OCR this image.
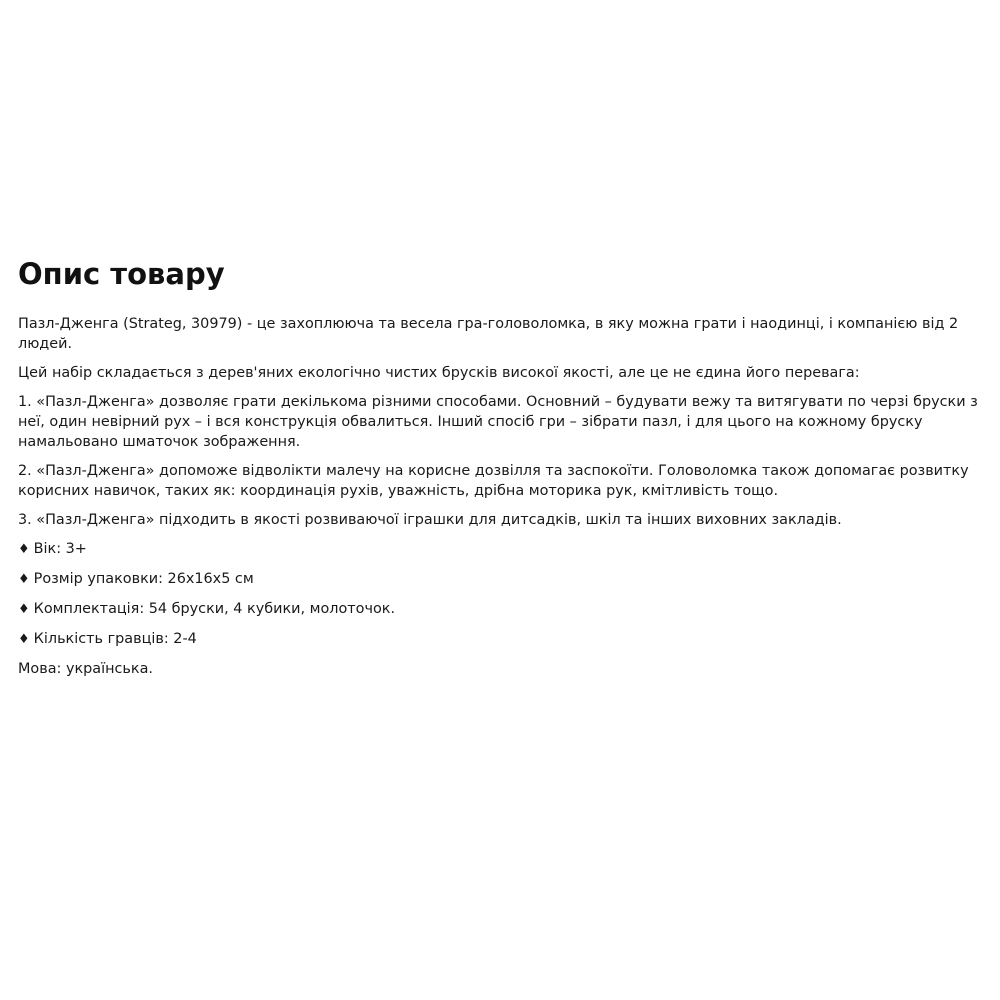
Опис товару

Пазл-Дженга (Strateg, 30979) - це захоплююча та весела гра-головоломка, в яку можна грати і наодинці, і компанією від 2 людей.

Цей набір складається з дерев'яних екологічно чистих брусків високої якості, але це не єдина його перевага:

1. «Пазл-Дженга» дозволяє грати декількома різними способами. Основний – будувати вежу та витягувати по черзі бруски з неї, один невірний рух – і вся конструкція обвалиться. Інший спосіб гри – зібрати пазл, і для цього на кожному бруску намальовано шматочок зображення.

2. «Пазл-Дженга» допоможе відволікти малечу на корисне дозвілля та заспокоїти. Головоломка також допомагає розвитку корисних навичок, таких як: координація рухів, уважність, дрібна моторика рук, кмітливість тощо.

3. «Пазл-Дженга» підходить в якості розвиваючої іграшки для дитсадків, шкіл та інших виховних закладів.

♦ Вік: 3+
♦ Розмір упаковки: 26x16x5 см
♦ Комплектація: 54 бруски, 4 кубики, молоточок.
♦ Кількість гравців: 2-4

Мова: українська.
